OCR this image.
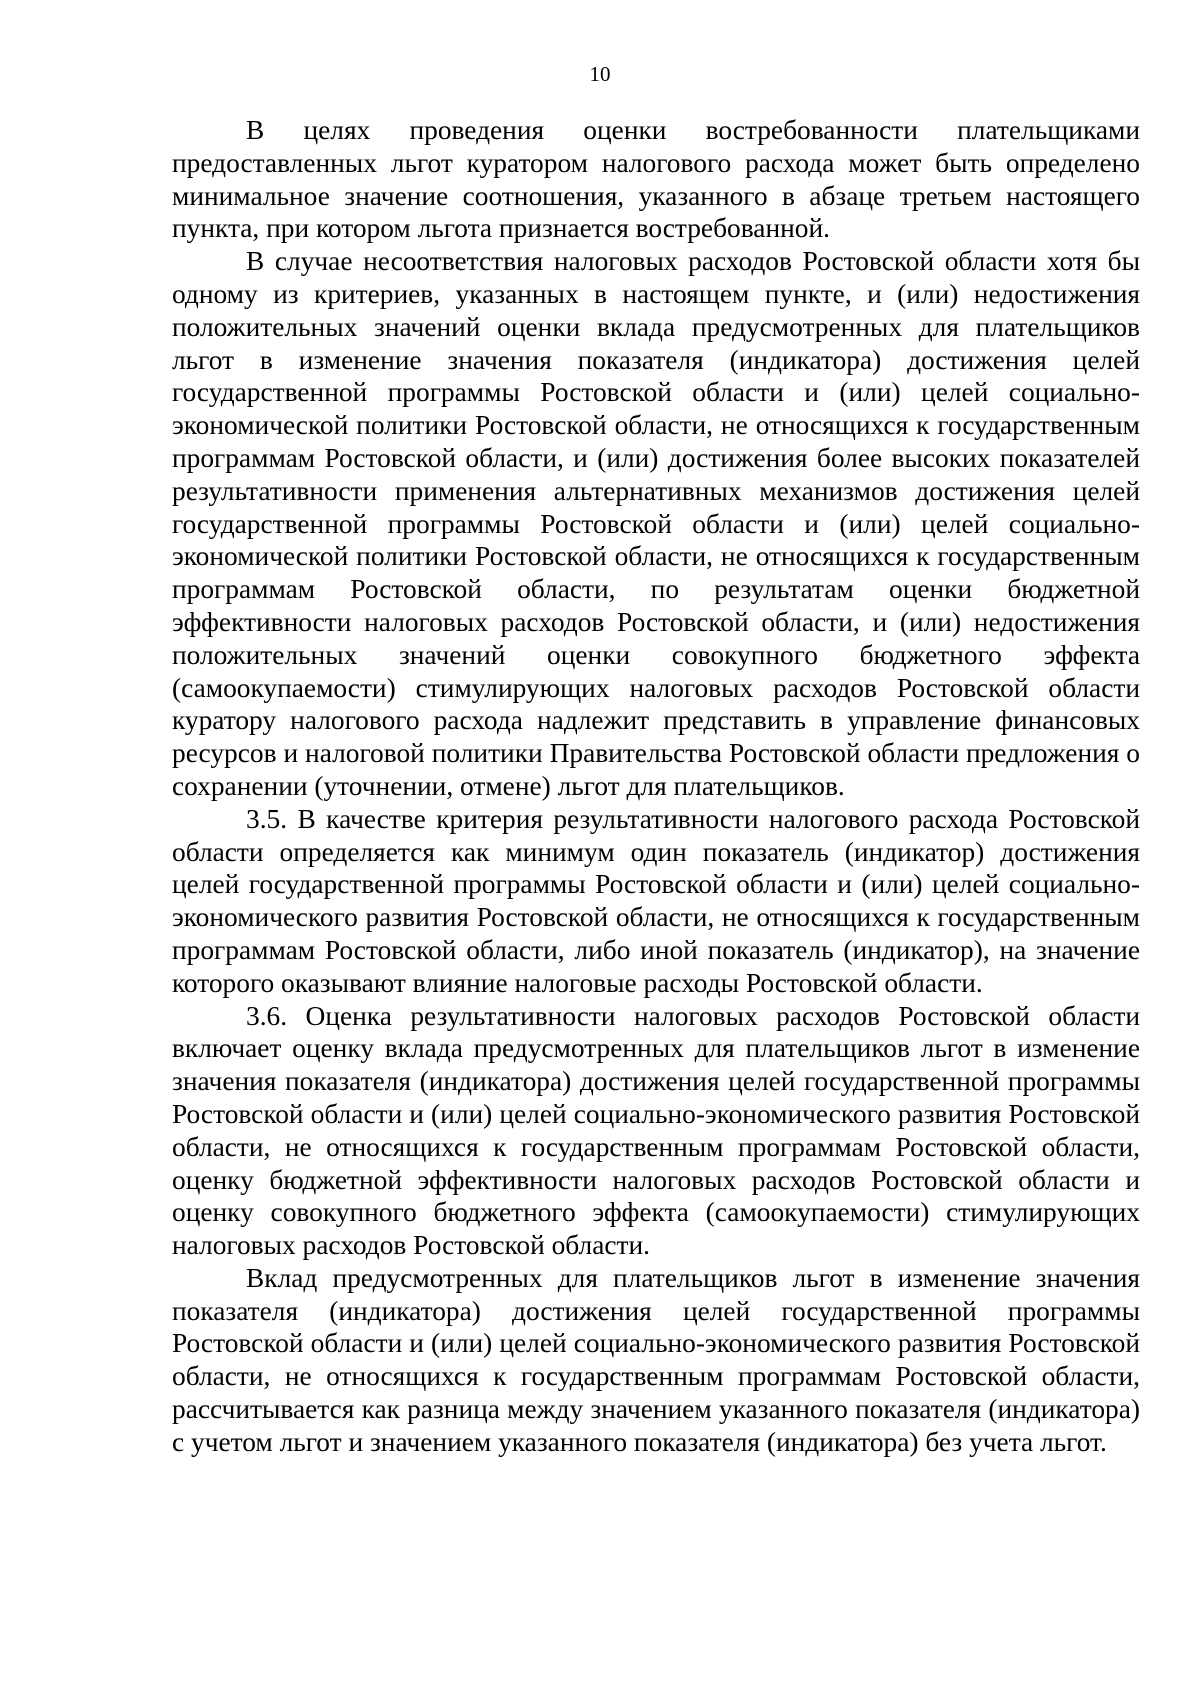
10

В целях проведения оценки востребованности плательщиками предоставленных льгот куратором налогового расхода может быть определено минимальное значение соотношения, указанного в абзаце третьем настоящего пункта, при котором льгота признается востребованной.

В случае несоответствия налоговых расходов Ростовской области хотя бы одному из критериев, указанных в настоящем пункте, и (или) недостижения положительных значений оценки вклада предусмотренных для плательщиков льгот в изменение значения показателя (индикатора) достижения целей государственной программы Ростовской области и (или) целей социально-экономической политики Ростовской области, не относящихся к государственным программам Ростовской области, и (или) достижения более высоких показателей результативности применения альтернативных механизмов достижения целей государственной программы Ростовской области и (или) целей социально-экономической политики Ростовской области, не относящихся к государственным программам Ростовской области, по результатам оценки бюджетной эффективности налоговых расходов Ростовской области, и (или) недостижения положительных значений оценки совокупного бюджетного эффекта (самоокупаемости) стимулирующих налоговых расходов Ростовской области куратору налогового расхода надлежит представить в управление финансовых ресурсов и налоговой политики Правительства Ростовской области предложения о сохранении (уточнении, отмене) льгот для плательщиков.

3.5. В качестве критерия результативности налогового расхода Ростовской области определяется как минимум один показатель (индикатор) достижения целей государственной программы Ростовской области и (или) целей социально-экономического развития Ростовской области, не относящихся к государственным программам Ростовской области, либо иной показатель (индикатор), на значение которого оказывают влияние налоговые расходы Ростовской области.

3.6. Оценка результативности налоговых расходов Ростовской области включает оценку вклада предусмотренных для плательщиков льгот в изменение значения показателя (индикатора) достижения целей государственной программы Ростовской области и (или) целей социально-экономического развития Ростовской области, не относящихся к государственным программам Ростовской области, оценку бюджетной эффективности налоговых расходов Ростовской области и оценку совокупного бюджетного эффекта (самоокупаемости) стимулирующих налоговых расходов Ростовской области.

Вклад предусмотренных для плательщиков льгот в изменение значения показателя (индикатора) достижения целей государственной программы Ростовской области и (или) целей социально-экономического развития Ростовской области, не относящихся к государственным программам Ростовской области, рассчитывается как разница между значением указанного показателя (индикатора) с учетом льгот и значением указанного показателя (индикатора) без учета льгот.
